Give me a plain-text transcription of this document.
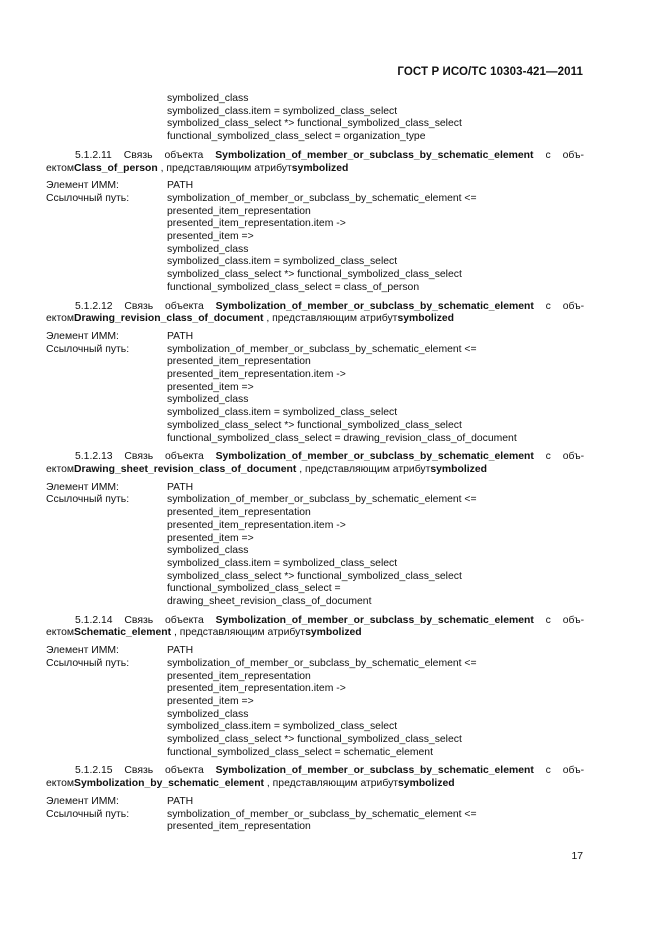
ГОСТ Р ИСО/ТС 10303-421—2011
symbolized_class
symbolized_class.item = symbolized_class_select
symbolized_class_select *> functional_symbolized_class_select
functional_symbolized_class_select = organization_type
5.1.2.11 Связь объекта Symbolization_of_member_or_subclass_by_schematic_element с объ-ектомClass_of_person , представляющим атрибутsymbolized
Элемент ИММ:	PATH
Ссылочный путь:	symbolization_of_member_or_subclass_by_schematic_element <=
presented_item_representation
presented_item_representation.item ->
presented_item =>
symbolized_class
symbolized_class.item = symbolized_class_select
symbolized_class_select *> functional_symbolized_class_select
functional_symbolized_class_select = class_of_person
5.1.2.12 Связь объекта Symbolization_of_member_or_subclass_by_schematic_element с объ-ектомDrawing_revision_class_of_document , представляющим атрибутsymbolized
Элемент ИММ:	PATH
Ссылочный путь:	symbolization_of_member_or_subclass_by_schematic_element <=
presented_item_representation
presented_item_representation.item ->
presented_item =>
symbolized_class
symbolized_class.item = symbolized_class_select
symbolized_class_select *> functional_symbolized_class_select
functional_symbolized_class_select = drawing_revision_class_of_document
5.1.2.13 Связь объекта Symbolization_of_member_or_subclass_by_schematic_element с объ-ектомDrawing_sheet_revision_class_of_document , представляющим атрибутsymbolized
Элемент ИММ:	PATH
Ссылочный путь:	symbolization_of_member_or_subclass_by_schematic_element <=
presented_item_representation
presented_item_representation.item ->
presented_item =>
symbolized_class
symbolized_class.item = symbolized_class_select
symbolized_class_select *> functional_symbolized_class_select
functional_symbolized_class_select =
drawing_sheet_revision_class_of_document
5.1.2.14 Связь объекта Symbolization_of_member_or_subclass_by_schematic_element с объ-ектомSchematic_element , представляющим атрибутsymbolized
Элемент ИММ:	PATH
Ссылочный путь:	symbolization_of_member_or_subclass_by_schematic_element <=
presented_item_representation
presented_item_representation.item ->
presented_item =>
symbolized_class
symbolized_class.item = symbolized_class_select
symbolized_class_select *> functional_symbolized_class_select
functional_symbolized_class_select = schematic_element
5.1.2.15 Связь объекта Symbolization_of_member_or_subclass_by_schematic_element с объ-ектомSymbolization_by_schematic_element , представляющим атрибутsymbolized
Элемент ИММ:	PATH
Ссылочный путь:	symbolization_of_member_or_subclass_by_schematic_element <=
presented_item_representation
17
